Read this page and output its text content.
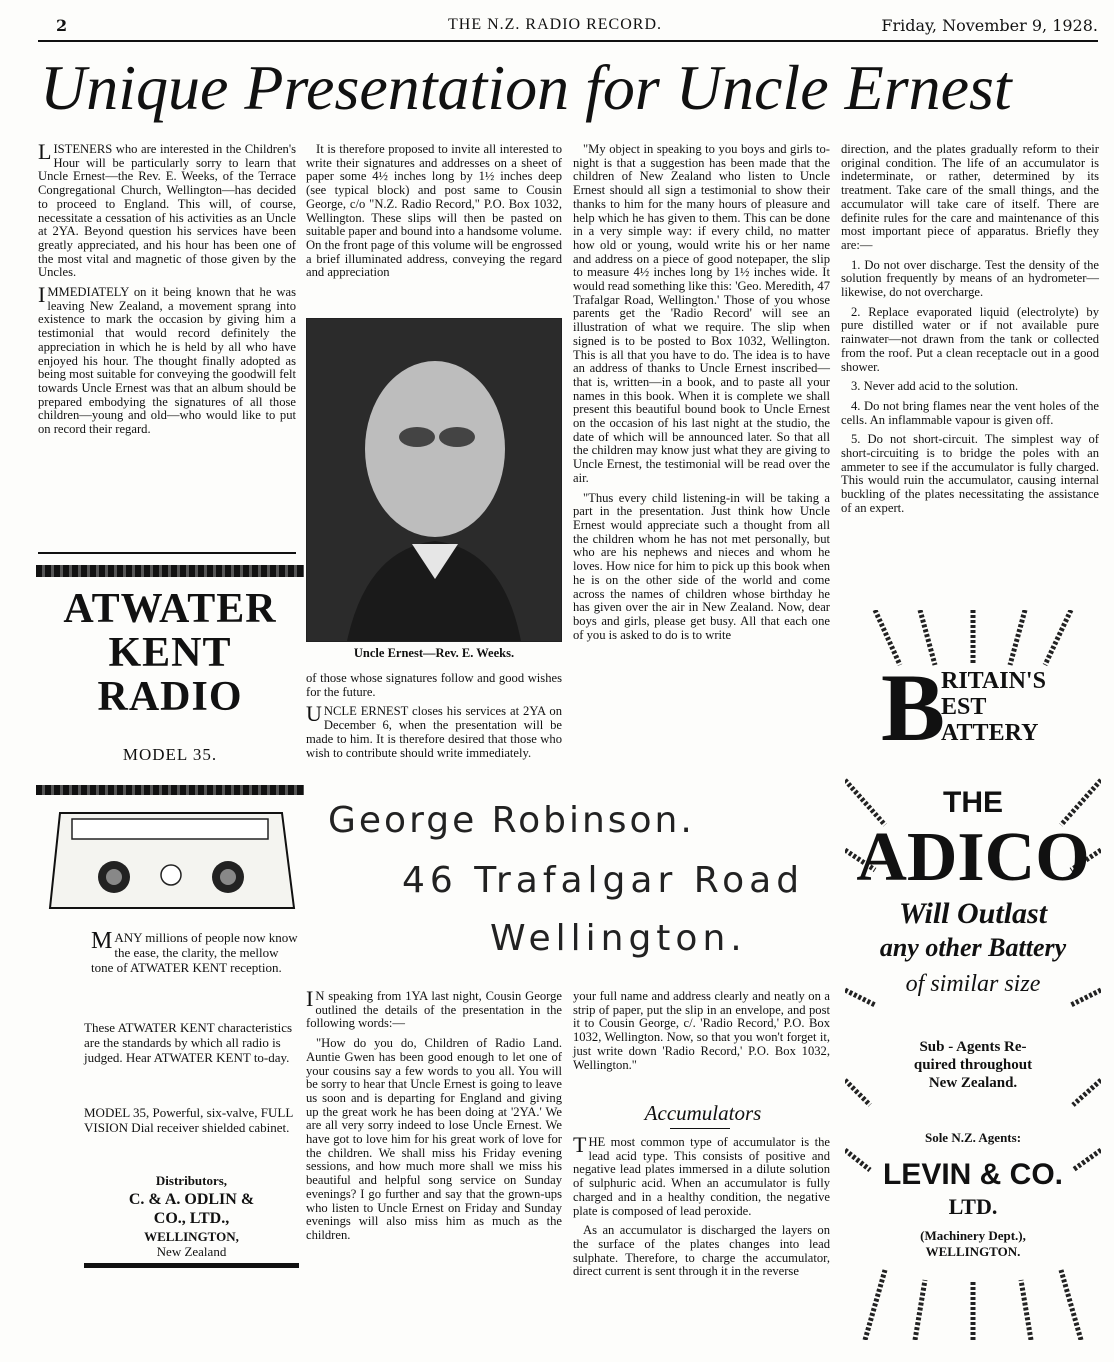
2	THE N.Z. RADIO RECORD.	Friday, November 9, 1928.
Unique Presentation for Uncle Ernest

LISTENERS who are interested in the Children's Hour will be particularly sorry to learn that Uncle Ernest—the Rev. E. Weeks, of the Terrace Congregational Church, Wellington—has decided to proceed to England. This will, of course, necessitate a cessation of his activities as an Uncle at 2YA. Beyond question his services have been greatly appreciated, and his hour has been one of the most vital and magnetic of those given by the Uncles.

IMMEDIATELY on it being known that he was leaving New Zealand, a movement sprang into existence to mark the occasion by giving him a testimonial that would record definitely the appreciation in which he is held by all who have enjoyed his hour. The thought finally adopted as being most suitable for conveying the goodwill felt towards Uncle Ernest was that an album should be prepared embodying the signatures of all those children—young and old—who would like to put on record their regard.

It is therefore proposed to invite all interested to write their signatures and addresses on a sheet of paper some 4½ inches long by 1½ inches deep (see typical block) and post same to Cousin George, c/o "N.Z. Radio Record," P.O. Box 1032, Wellington. These slips will then be pasted on suitable paper and bound into a handsome volume. On the front page of this volume will be engrossed a brief illuminated address, conveying the regard and appreciation

Uncle Ernest—Rev. E. Weeks.

of those whose signatures follow and good wishes for the future.

UNCLE ERNEST closes his services at 2YA on December 6, when the presentation will be made to him. It is therefore desired that those who wish to contribute should write immediately.

"My object in speaking to you boys and girls to-night is that a suggestion has been made that the children of New Zealand who listen to Uncle Ernest should all sign a testimonial to show their thanks to him for the many hours of pleasure and help which he has given to them. This can be done in a very simple way: if every child, no matter how old or young, would write his or her name and address on a piece of good notepaper, the slip to measure 4½ inches long by 1½ inches wide. It would read something like this: 'Geo. Meredith, 47 Trafalgar Road, Wellington.' Those of you whose parents get the 'Radio Record' will see an illustration of what we require. The slip when signed is to be posted to Box 1032, Wellington. This is all that you have to do. The idea is to have an address of thanks to Uncle Ernest inscribed—that is, written—in a book, and to paste all your names in this book. When it is complete we shall present this beautiful bound book to Uncle Ernest on the occasion of his last night at the studio, the date of which will be announced later. So that all the children may know just what they are giving to Uncle Ernest, the testimonial will be read over the air.

"Thus every child listening-in will be taking a part in the presentation. Just think how Uncle Ernest would appreciate such a thought from all the children whom he has not met personally, but who are his nephews and nieces and whom he loves. How nice for him to pick up this book when he is on the other side of the world and come across the names of children whose birthday he has given over the air in New Zealand. Now, dear boys and girls, please get busy. All that each one of you is asked to do is to write

direction, and the plates gradually reform to their original condition. The life of an accumulator is indeterminate, or rather, determined by its treatment. Take care of the small things, and the accumulator will take care of itself. There are definite rules for the care and maintenance of this most important piece of apparatus. Briefly they are:—

1. Do not over discharge. Test the density of the solution frequently by means of an hydrometer—likewise, do not overcharge.

2. Replace evaporated liquid (electrolyte) by pure distilled water or if not available pure rainwater—not drawn from the tank or collected from the roof. Put a clean receptacle out in a good shower.

3. Never add acid to the solution.

4. Do not bring flames near the vent holes of the cells. An inflammable vapour is given off.

5. Do not short-circuit. The simplest way of short-circuiting is to bridge the poles with an ammeter to see if the accumulator is fully charged. This would ruin the accumulator, causing internal buckling of the plates necessitating the assistance of an expert.

George Robinson.
46 Trafalgar Road
Wellington.

I N speaking from 1YA last night, Cousin George outlined the details of the presentation in the following words:—

"How do you do, Children of Radio Land. Auntie Gwen has been good enough to let one of your cousins say a few words to you all. You will be sorry to hear that Uncle Ernest is going to leave us soon and is departing for England and giving up the great work he has been doing at '2YA.' We are all very sorry indeed to lose Uncle Ernest. We have got to love him for his great work of love for the children. We shall miss his Friday evening sessions, and how much more shall we miss his beautiful and helpful song service on Sunday evenings? I go further and say that the grown-ups who listen to Uncle Ernest on Friday and Sunday evenings will also miss him as much as the children.

your full name and address clearly and neatly on a strip of paper, put the slip in an envelope, and post it to Cousin George, c/. 'Radio Record,' P.O. Box 1032, Wellington. Now, so that you won't forget it, just write down 'Radio Record,' P.O. Box 1032, Wellington."

Accumulators

THE most common type of accumulator is the lead acid type. This consists of positive and negative lead plates immersed in a dilute solution of sulphuric acid. When an accumulator is fully charged and in a healthy condition, the negative plate is composed of lead peroxide.

As an accumulator is discharged the layers on the surface of the plates changes into lead sulphate. Therefore, to charge the accumulator, direct current is sent through it in the reverse

ATWATER
KENT
RADIO
MODEL 35.
MANY millions of people now know the ease, the clarity, the mellow tone of ATWATER KENT reception.
These ATWATER KENT characteristics are the standards by which all radio is judged. Hear ATWATER KENT to-day.
MODEL 35, Powerful, six-valve, FULL VISION Dial receiver shielded cabinet.
Distributors,
C. & A. ODLIN &
CO., LTD.,
WELLINGTON,
New Zealand
B
RITAIN'S
EST
ATTERY
THE
ADICO
Will Outlast
any other Battery
of similar size
Sub - Agents Re-
quired throughout
New Zealand.
Sole N.Z. Agents:
LEVIN & CO.
LTD.
(Machinery Dept.),
WELLINGTON.
